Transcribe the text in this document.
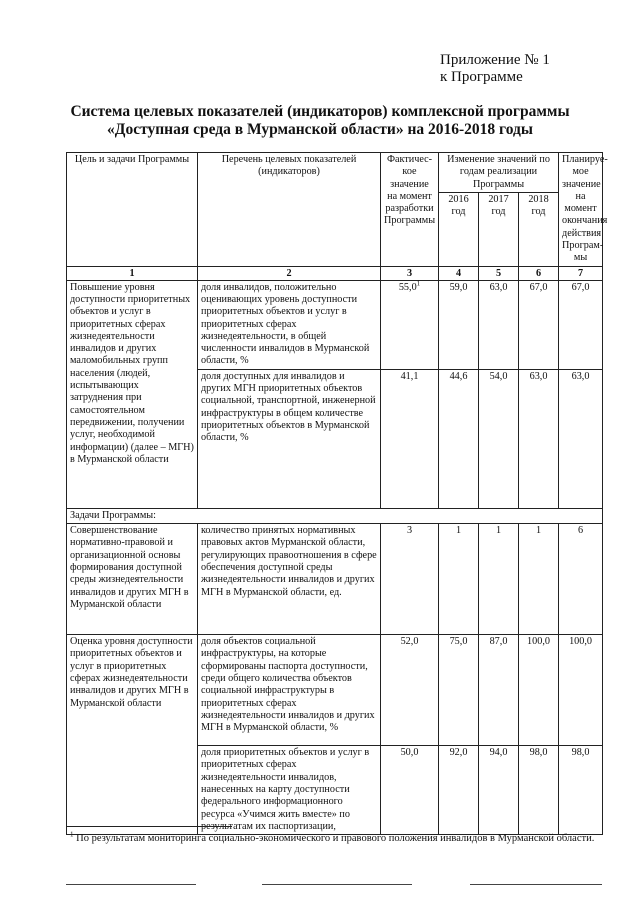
Приложение № 1
к Программе
Система целевых показателей (индикаторов) комплексной программы
«Доступная среда в Мурманской области» на 2016-2018 годы
Цель и задачи Программы	Перечень целевых показателей (индикаторов)	Фактичес-кое значение на момент разработки Программы	Изменение значений по годам реализации Программы			Планируе-мое значение на момент окончания действия Програм-мы
			2016 год	2017 год	2018 год	
1	2	3	4	5	6	7
Повышение уровня доступности приоритетных объектов и услуг в приоритетных сферах жизнедеятельности инвалидов и других маломобильных групп населения (людей, испытывающих затруднения при самостоятельном передвижении, получении услуг, необходимой информации) (далее – МГН) в Мурманской области	доля инвалидов, положительно оценивающих уровень доступности приоритетных объектов и услуг в приоритетных сферах жизнедеятельности, в общей численности инвалидов в Мурманской области, %	55,0$^1$	59,0	63,0	67,0	67,0
	доля доступных для инвалидов и других МГН приоритетных объектов социальной, транспортной, инженерной инфраструктуры в общем количестве приоритетных объектов в Мурманской области, %	41,1	44,6	54,0	63,0	63,0
Задачи Программы:						
Совершенствование нормативно-правовой и организационной основы формирования доступной среды жизнедеятельности инвалидов и других МГН в Мурманской области	количество принятых нормативных правовых актов Мурманской области, регулирующих правоотношения в сфере обеспечения доступной среды жизнедеятельности инвалидов и других МГН в Мурманской области, ед.	3	1	1	1	6
Оценка уровня доступности приоритетных объектов и услуг в приоритетных сферах жизнедеятельности инвалидов и других МГН в Мурманской области	доля объектов социальной инфраструктуры, на которые сформированы паспорта доступности, среди общего количества объектов социальной инфраструктуры в приоритетных сферах жизнедеятельности инвалидов и других МГН в Мурманской области, %	52,0	75,0	87,0	100,0	100,0
	доля приоритетных объектов и услуг в приоритетных сферах жизнедеятельности инвалидов, нанесенных на карту доступности федерального информационного ресурса «Учимся жить вместе» по результатам их паспортизации,	50,0	92,0	94,0	98,0	98,0
$^1$ По результатам мониторинга социально-экономического и правового положения инвалидов в Мурманской области.
